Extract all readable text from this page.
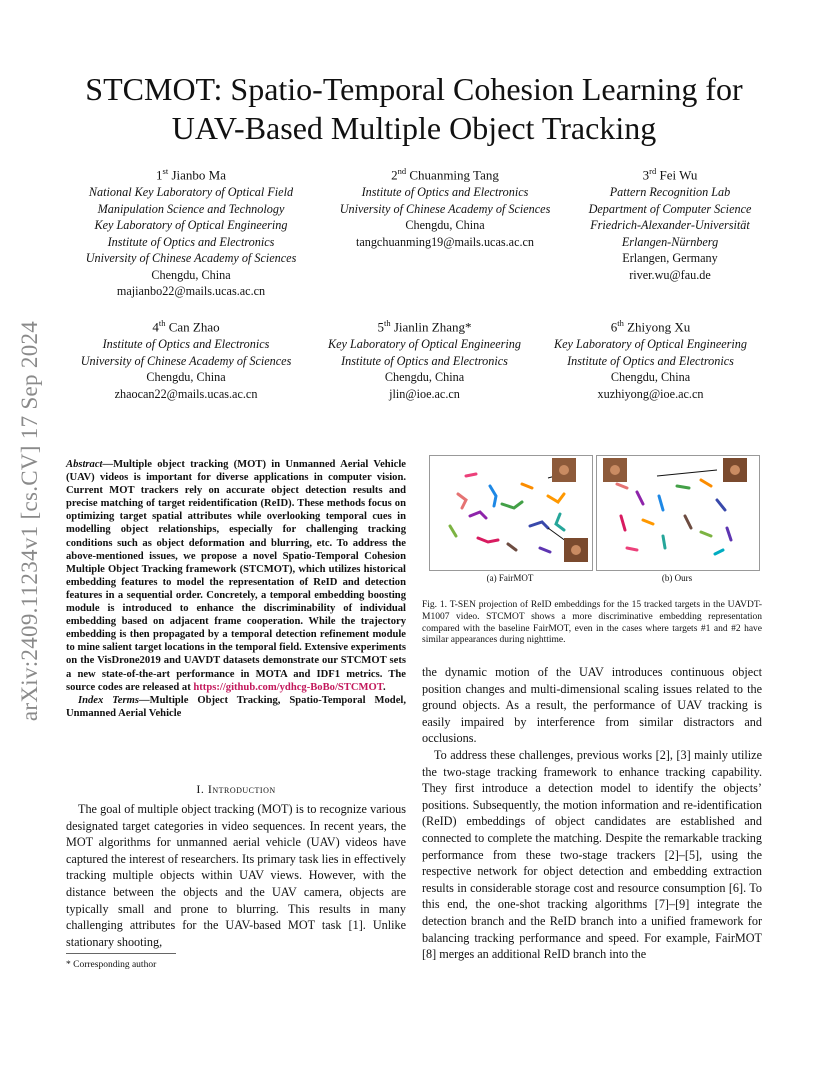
arXiv:2409.11234v1 [cs.CV] 17 Sep 2024
STCMOT: Spatio-Temporal Cohesion Learning for
UAV-Based Multiple Object Tracking
1st Jianbo Ma
National Key Laboratory of Optical Field
Manipulation Science and Technology
Key Laboratory of Optical Engineering
Institute of Optics and Electronics
University of Chinese Academy of Sciences
Chengdu, China
majianbo22@mails.ucas.ac.cn
2nd Chuanming Tang
Institute of Optics and Electronics
University of Chinese Academy of Sciences
Chengdu, China
tangchuanming19@mails.ucas.ac.cn
3rd Fei Wu
Pattern Recognition Lab
Department of Computer Science
Friedrich-Alexander-Universität
Erlangen-Nürnberg
Erlangen, Germany
river.wu@fau.de
4th Can Zhao
Institute of Optics and Electronics
University of Chinese Academy of Sciences
Chengdu, China
zhaocan22@mails.ucas.ac.cn
5th Jianlin Zhang*
Key Laboratory of Optical Engineering
Institute of Optics and Electronics
Chengdu, China
jlin@ioe.ac.cn
6th Zhiyong Xu
Key Laboratory of Optical Engineering
Institute of Optics and Electronics
Chengdu, China
xuzhiyong@ioe.ac.cn
Abstract—Multiple object tracking (MOT) in Unmanned Aerial Vehicle (UAV) videos is important for diverse applications in computer vision. Current MOT trackers rely on accurate object detection results and precise matching of target reidentification (ReID). These methods focus on optimizing target spatial attributes while overlooking temporal cues in modelling object relationships, especially for challenging tracking conditions such as object deformation and blurring, etc. To address the above-mentioned issues, we propose a novel Spatio-Temporal Cohesion Multiple Object Tracking framework (STCMOT), which utilizes historical embedding features to model the representation of ReID and detection features in a sequential order. Concretely, a temporal embedding boosting module is introduced to enhance the discriminability of individual embedding based on adjacent frame cooperation. While the trajectory embedding is then propagated by a temporal detection refinement module to mine salient target locations in the temporal field. Extensive experiments on the VisDrone2019 and UAVDT datasets demonstrate our STCMOT sets a new state-of-the-art performance in MOTA and IDF1 metrics. The source codes are released at https://github.com/ydhcg-BoBo/STCMOT.
Index Terms—Multiple Object Tracking, Spatio-Temporal Model, Unmanned Aerial Vehicle
I. Introduction

The goal of multiple object tracking (MOT) is to recognize various designated target categories in video sequences. In recent years, the MOT algorithms for unmanned aerial vehicle (UAV) videos have captured the interest of researchers. Its primary task lies in effectively tracking multiple objects within UAV views. However, with the distance between the objects and the UAV camera, objects are typically small and prone to blurring. This results in many challenging attributes for the UAV-based MOT task [1]. Unlike stationary shooting,

* Corresponding author
(a) FairMOT	(b) Ours
Fig. 1. T-SEN projection of ReID embeddings for the 15 tracked targets in the UAVDT-M1007 video. STCMOT shows a more discriminative embedding representation compared with the baseline FairMOT, even in the cases where targets #1 and #2 have similar appearances during nighttime.

the dynamic motion of the UAV introduces continuous object position changes and multi-dimensional scaling issues related to the ground objects. As a result, the performance of UAV tracking is easily impaired by interference from similar distractors and occlusions.

To address these challenges, previous works [2], [3] mainly utilize the two-stage tracking framework to enhance tracking capability. They first introduce a detection model to identify the objects’ positions. Subsequently, the motion information and re-identification (ReID) embeddings of object candidates are established and connected to complete the matching. Despite the remarkable tracking performance from these two-stage trackers [2]–[5], using the respective network for object detection and embedding extraction results in considerable storage cost and resource consumption [6]. To this end, the one-shot tracking algorithms [7]–[9] integrate the detection branch and the ReID branch into a unified framework for balancing tracking performance and speed. For example, FairMOT [8] merges an additional ReID branch into the
